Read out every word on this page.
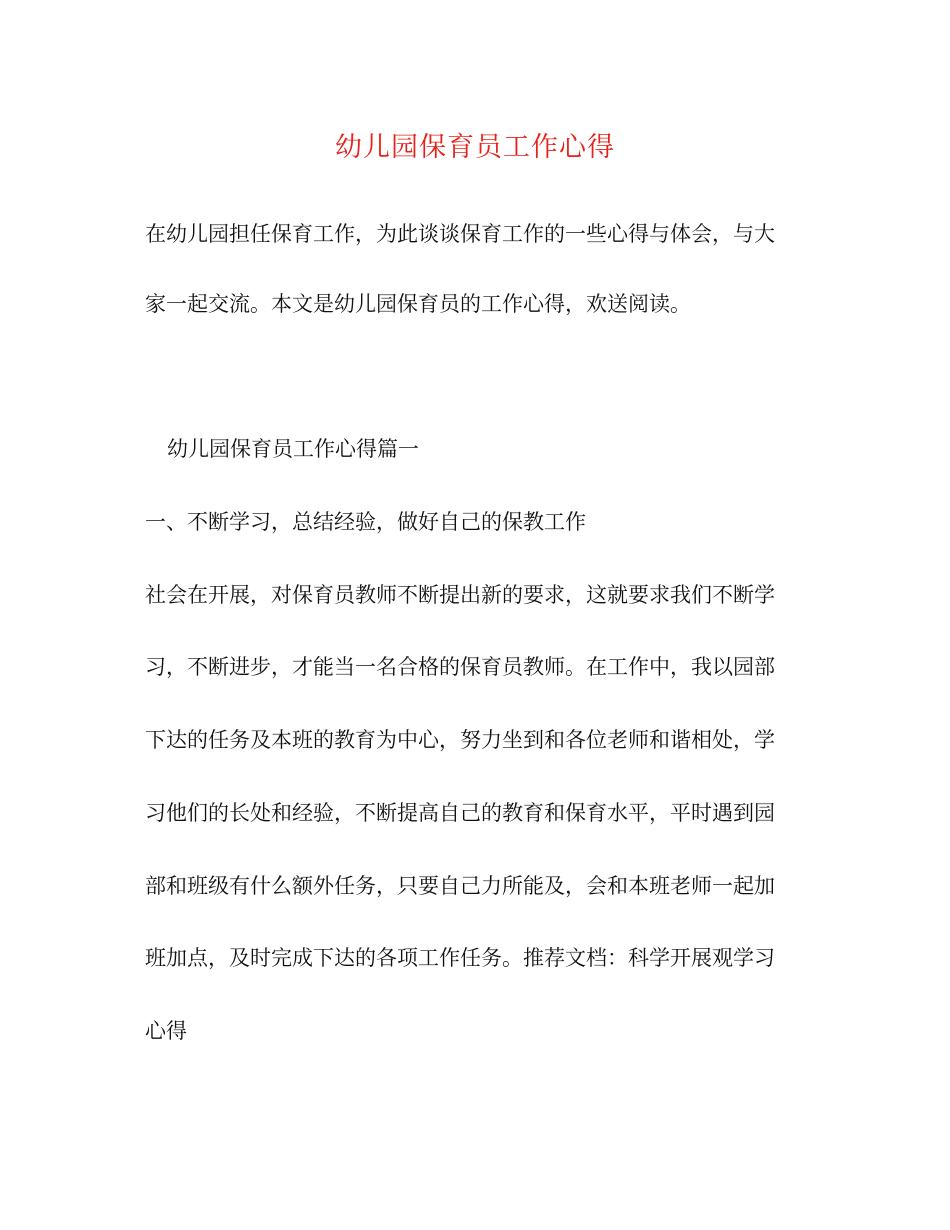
幼儿园保育员工作心得
在幼儿园担任保育工作，为此谈谈保育工作的一些心得与体会，与大
家一起交流。本文是幼儿园保育员的工作心得，欢送阅读。
幼儿园保育员工作心得篇一
一、不断学习，总结经验，做好自己的保教工作
社会在开展，对保育员教师不断提出新的要求，这就要求我们不断学
习，不断进步，才能当一名合格的保育员教师。在工作中，我以园部
下达的任务及本班的教育为中心，努力坐到和各位老师和谐相处，学
习他们的长处和经验，不断提高自己的教育和保育水平，平时遇到园
部和班级有什么额外任务，只要自己力所能及，会和本班老师一起加
班加点，及时完成下达的各项工作任务。推荐文档：科学开展观学习
心得
